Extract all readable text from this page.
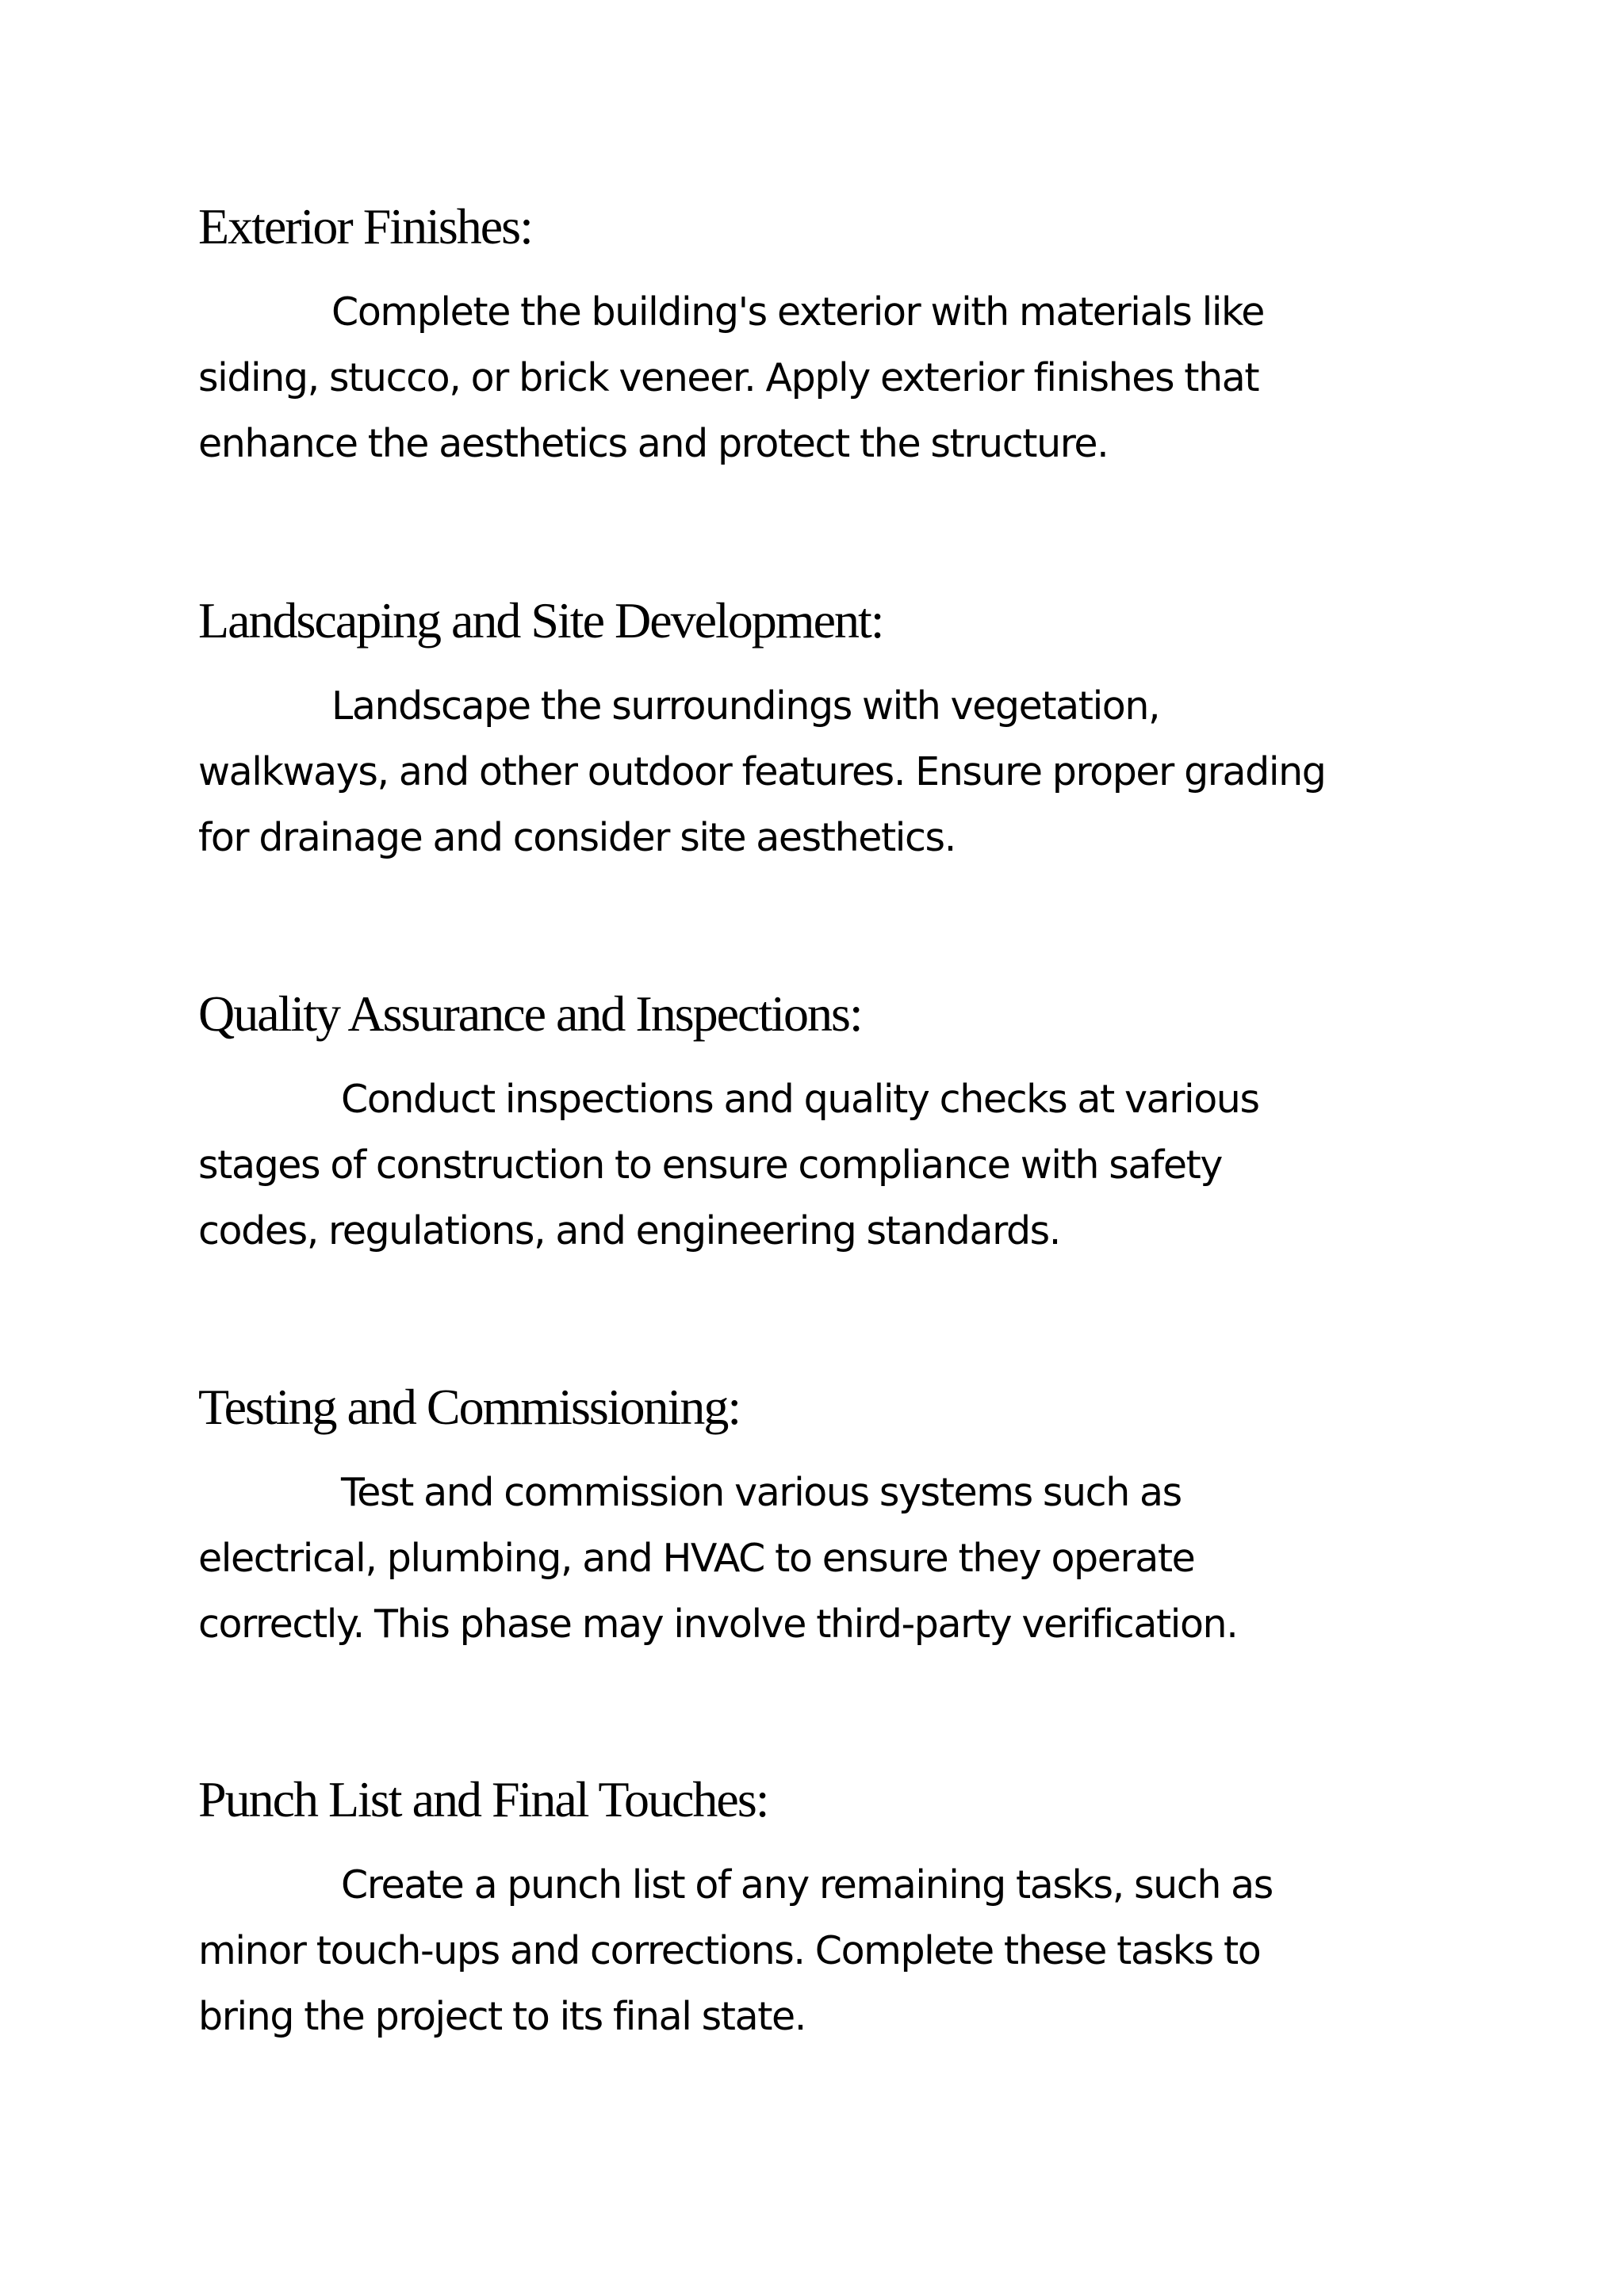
Exterior Finishes:

Complete the building's exterior with materials like
siding, stucco, or brick veneer. Apply exterior finishes that
enhance the aesthetics and protect the structure.

Landscaping and Site Development:

Landscape the surroundings with vegetation,
walkways, and other outdoor features. Ensure proper grading
for drainage and consider site aesthetics.

Quality Assurance and Inspections:

Conduct inspections and quality checks at various
stages of construction to ensure compliance with safety
codes, regulations, and engineering standards.

Testing and Commissioning:

Test and commission various systems such as
electrical, plumbing, and HVAC to ensure they operate
correctly. This phase may involve third-party verification.

Punch List and Final Touches:

Create a punch list of any remaining tasks, such as
minor touch-ups and corrections. Complete these tasks to
bring the project to its final state.
